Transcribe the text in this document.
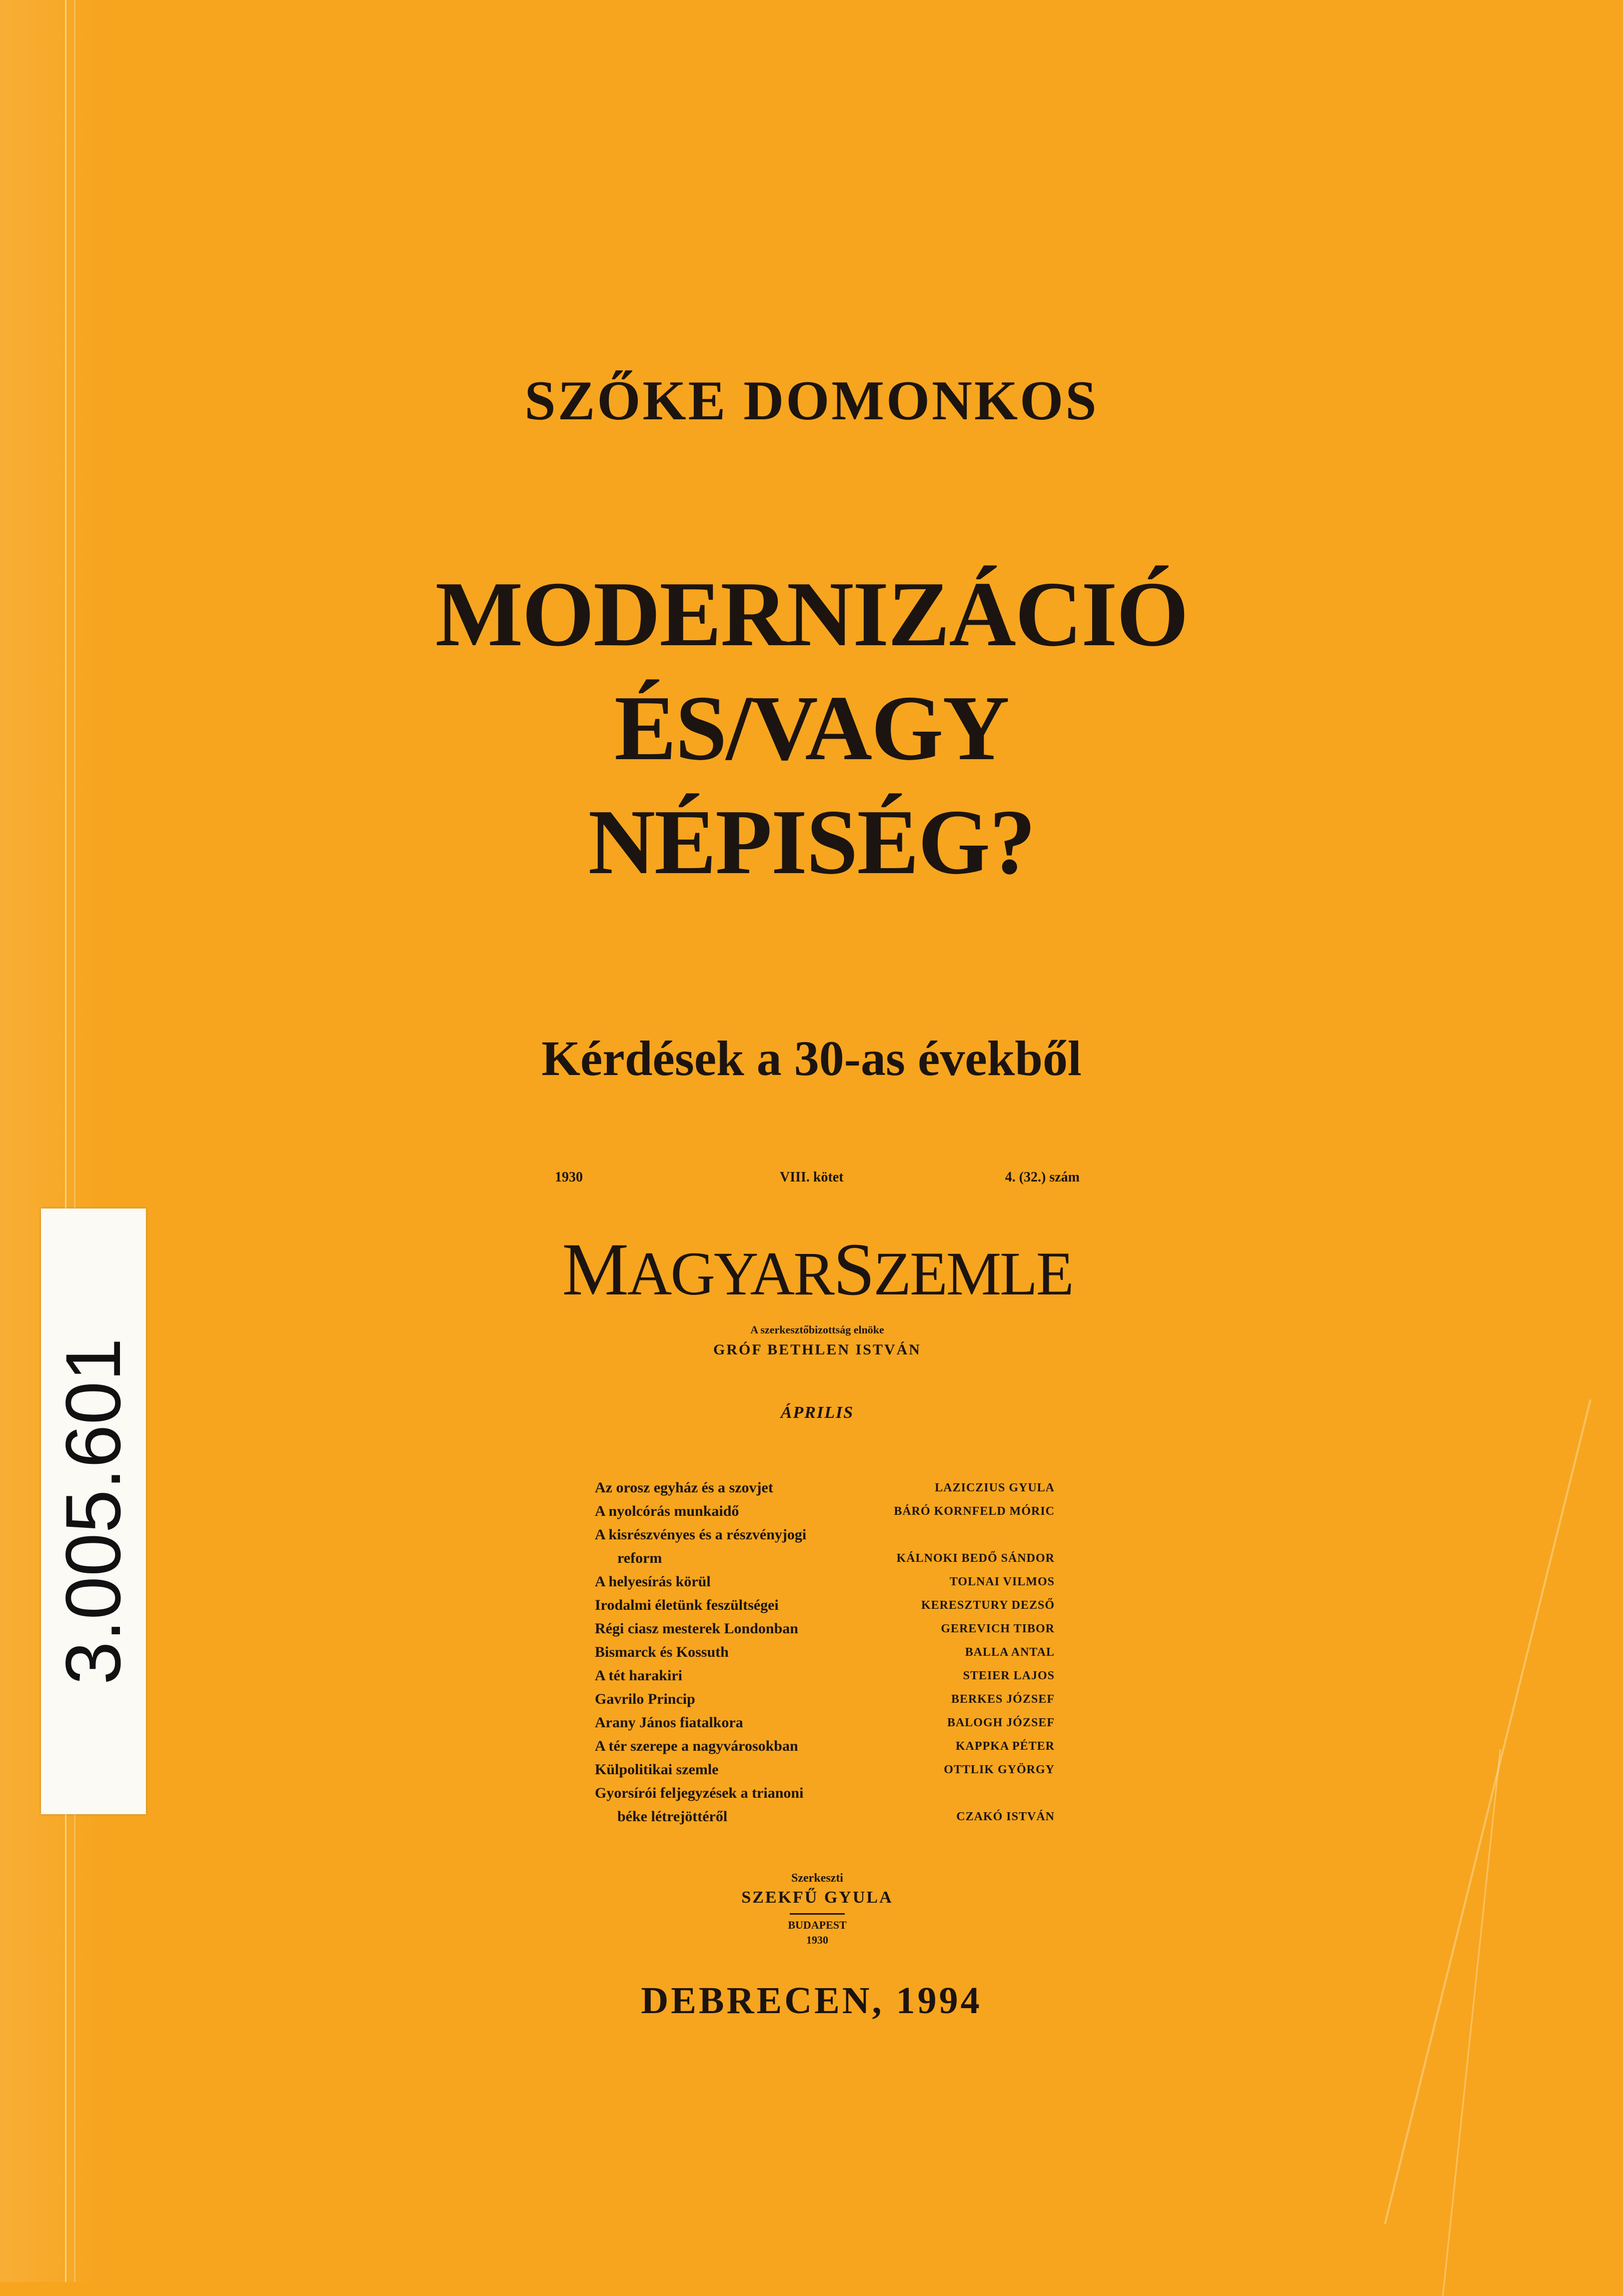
SZŐKE DOMONKOS
MODERNIZÁCIÓ
ÉS/VAGY
NÉPISÉG?
Kérdések a 30-as évekből
1930	VIII. kötet	4. (32.) szám
MAGYARSZEMLE
A szerkesztőbizottság elnöke
GRÓF BETHLEN ISTVÁN
ÁPRILIS
Az orosz egyház és a szovjet	LAZICZIUS GYULA
A nyolcórás munkaidő	BÁRÓ KORNFELD MÓRIC
A kisrészvényes és a részvényjogi
reform	KÁLNOKI BEDŐ SÁNDOR
A helyesírás körül	TOLNAI VILMOS
Irodalmi életünk feszültségei	KERESZTURY DEZSŐ
Régi ciasz mesterek Londonban	GEREVICH TIBOR
Bismarck és Kossuth	BALLA ANTAL
A tét harakiri	STEIER LAJOS
Gavrilo Princip	BERKES JÓZSEF
Arany János fiatalkora	BALOGH JÓZSEF
A tér szerepe a nagyvárosokban	KAPPKA PÉTER
Külpolitikai szemle	OTTLIK GYÖRGY
Gyorsírói feljegyzések a trianoni
béke létrejöttéről	CZAKÓ ISTVÁN
Szerkeszti
SZEKFŰ GYULA
BUDAPEST
1930
DEBRECEN, 1994
3.005.601
